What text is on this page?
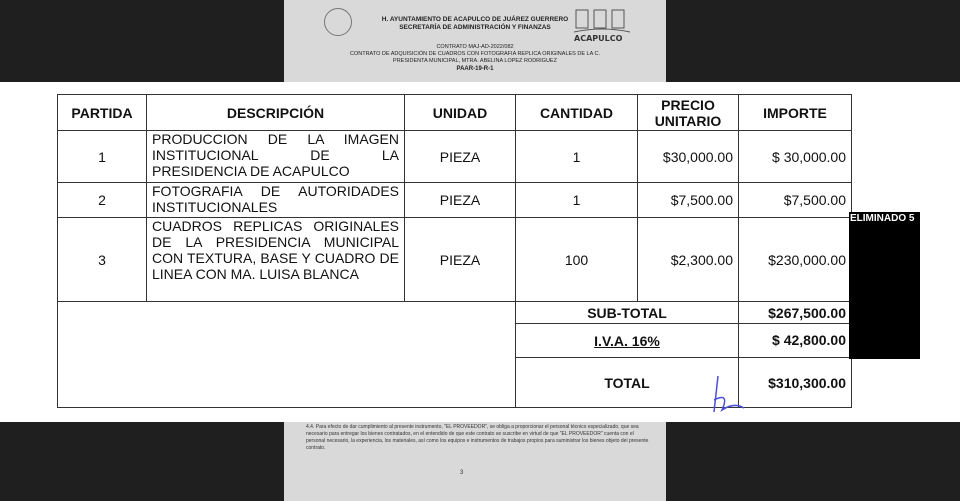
ACAPULCO
H. AYUNTAMIENTO DE ACAPULCO DE JUÁREZ GUERRERO
SECRETARÍA DE ADMINISTRACIÓN Y FINANZAS
CONTRATO MAJ-AD-2022/082
CONTRATO DE ADQUISICIÓN DE CUADROS CON FOTOGRAFIA REPLICA ORIGINALES DE LA C.
PRESIDENTA MUNICIPAL, MTRA. ABELINA LOPEZ RODRIGUEZ
PAAR-19-R-1
PARTIDA	DESCRIPCIÓN	UNIDAD	CANTIDAD	PRECIO UNITARIO	IMPORTE
1	PRODUCCION DE LA IMAGEN INSTITUCIONAL DE LA PRESIDENCIA DE ACAPULCO	PIEZA	1	$30,000.00	$ 30,000.00
2	FOTOGRAFIA DE AUTORIDADES INSTITUCIONALES	PIEZA	1	$7,500.00	$7,500.00
3	CUADROS REPLICAS ORIGINALES DE LA PRESIDENCIA MUNICIPAL CON TEXTURA, BASE Y CUADRO DE LINEA CON MA. LUISA BLANCA	PIEZA	100	$2,300.00	$230,000.00
			SUB-TOTAL		$267,500.00
			I.V.A. 16%		$ 42,800.00
			TOTAL		$310,300.00
ELIMINADO 5
4.4. Para efecto de dar cumplimiento al presente instrumento, "EL PROVEEDOR", se obliga a proporcionar el personal técnico especializado, que sea necesario para entregar los bienes contratados, en el entendido de que este contrato se suscribe en virtud de que "EL PROVEEDOR" cuenta con el personal necesario, la experiencia, los materiales, así como los equipos e instrumentos de trabajos propios para suministrar los bienes objeto del presente contrato.
3
